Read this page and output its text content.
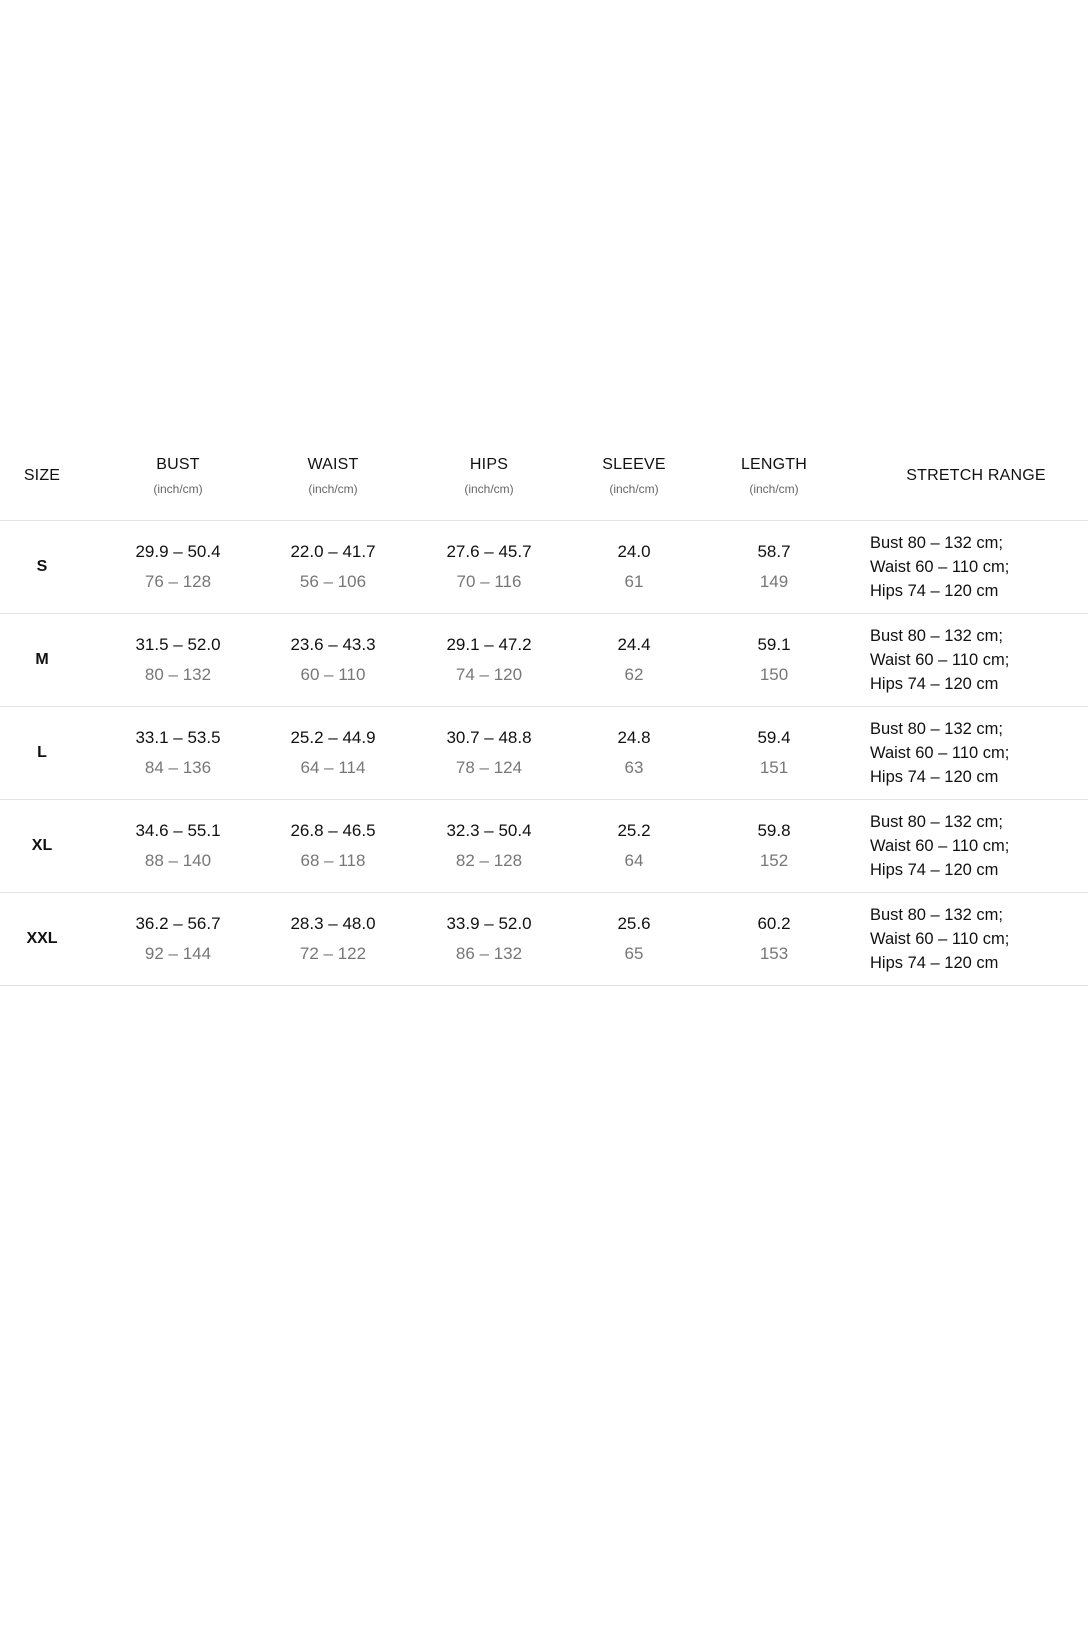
SIZE
BUST
(inch/cm)
WAIST
(inch/cm)
HIPS
(inch/cm)
SLEEVE
(inch/cm)
LENGTH
(inch/cm)
STRETCH RANGE
S
29.9 – 50.4
76 – 128
22.0 – 41.7
56 – 106
27.6 – 45.7
70 – 116
24.0
61
58.7
149
Bust 80 – 132 cm;
Waist 60 – 110 cm;
Hips 74 – 120 cm
M
31.5 – 52.0
80 – 132
23.6 – 43.3
60 – 110
29.1 – 47.2
74 – 120
24.4
62
59.1
150
Bust 80 – 132 cm;
Waist 60 – 110 cm;
Hips 74 – 120 cm
L
33.1 – 53.5
84 – 136
25.2 – 44.9
64 – 114
30.7 – 48.8
78 – 124
24.8
63
59.4
151
Bust 80 – 132 cm;
Waist 60 – 110 cm;
Hips 74 – 120 cm
XL
34.6 – 55.1
88 – 140
26.8 – 46.5
68 – 118
32.3 – 50.4
82 – 128
25.2
64
59.8
152
Bust 80 – 132 cm;
Waist 60 – 110 cm;
Hips 74 – 120 cm
XXL
36.2 – 56.7
92 – 144
28.3 – 48.0
72 – 122
33.9 – 52.0
86 – 132
25.6
65
60.2
153
Bust 80 – 132 cm;
Waist 60 – 110 cm;
Hips 74 – 120 cm
